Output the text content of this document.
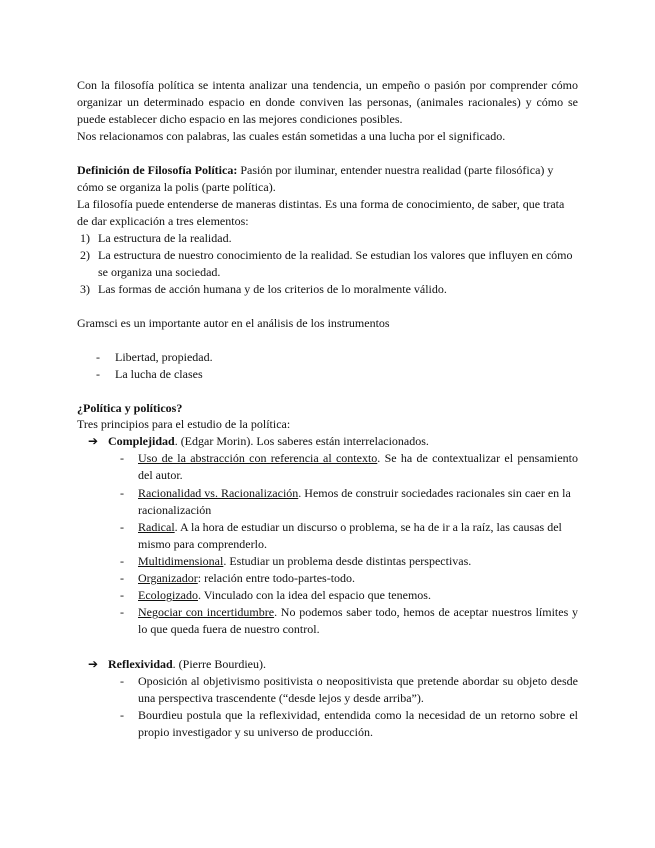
Con la filosofía política se intenta analizar una tendencia, un empeño o pasión por comprender cómo organizar un determinado espacio en donde conviven las personas, (animales racionales) y cómo se puede establecer dicho espacio en las mejores condiciones posibles.
Nos relacionamos con palabras, las cuales están sometidas a una lucha por el significado.
Definición de Filosofía Política: Pasión por iluminar, entender nuestra realidad (parte filosófica) y cómo se organiza la polis (parte política).
La filosofía puede entenderse de maneras distintas. Es una forma de conocimiento, de saber, que trata de dar explicación a tres elementos:
1) La estructura de la realidad.
2) La estructura de nuestro conocimiento de la realidad. Se estudian los valores que influyen en cómo se organiza una sociedad.
3) Las formas de acción humana y de los criterios de lo moralmente válido.
Gramsci es un importante autor en el análisis de los instrumentos
- Libertad, propiedad.
- La lucha de clases
¿Política y políticos?
Tres principios para el estudio de la política:
➔ Complejidad. (Edgar Morin). Los saberes están interrelacionados.
- Uso de la abstracción con referencia al contexto. Se ha de contextualizar el pensamiento del autor.
- Racionalidad vs. Racionalización. Hemos de construir sociedades racionales sin caer en la racionalización
- Radical. A la hora de estudiar un discurso o problema, se ha de ir a la raíz, las causas del mismo para comprenderlo.
- Multidimensional. Estudiar un problema desde distintas perspectivas.
- Organizador: relación entre todo-partes-todo.
- Ecologizado. Vinculado con la idea del espacio que tenemos.
- Negociar con incertidumbre. No podemos saber todo, hemos de aceptar nuestros límites y lo que queda fuera de nuestro control.
➔ Reflexividad. (Pierre Bourdieu).
- Oposición al objetivismo positivista o neopositivista que pretende abordar su objeto desde una perspectiva trascendente (“desde lejos y desde arriba”).
- Bourdieu postula que la reflexividad, entendida como la necesidad de un retorno sobre el propio investigador y su universo de producción.
